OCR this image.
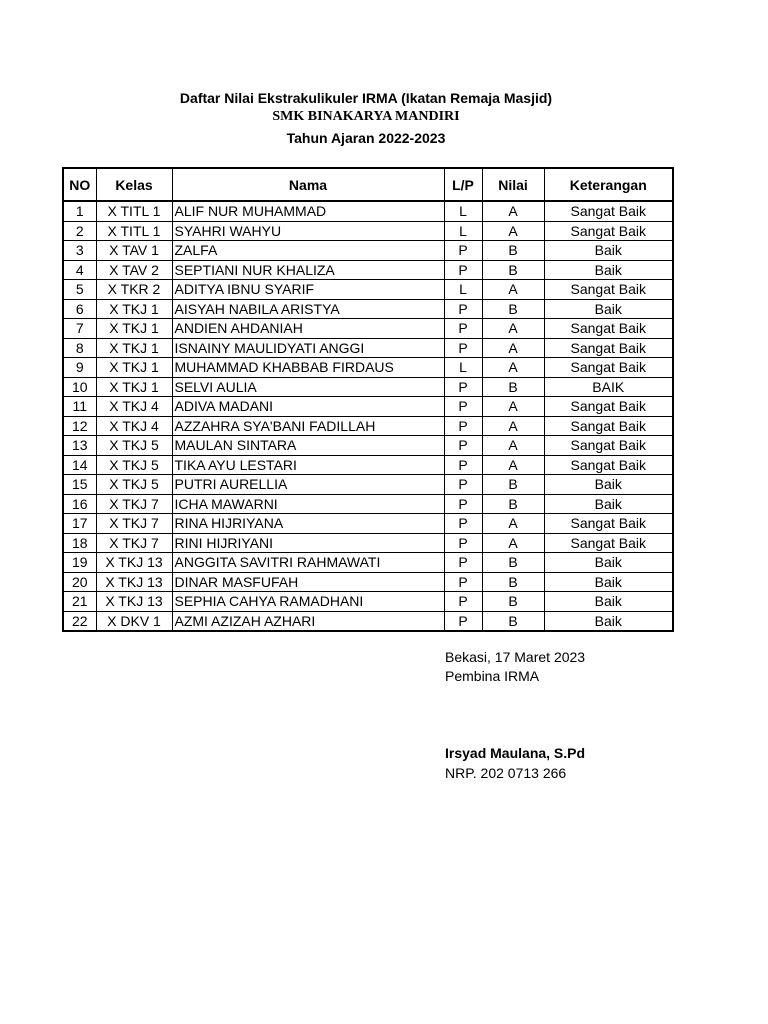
Daftar Nilai Ekstrakulikuler IRMA (Ikatan Remaja Masjid)
SMK BINAKARYA MANDIRI
Tahun Ajaran 2022-2023
NO	Kelas	Nama	L/P	Nilai	Keterangan
1	X TITL 1	ALIF NUR MUHAMMAD	L	A	Sangat Baik
2	X TITL 1	SYAHRI WAHYU	L	A	Sangat Baik
3	X TAV 1	ZALFA	P	B	Baik
4	X TAV 2	SEPTIANI NUR KHALIZA	P	B	Baik
5	X TKR 2	ADITYA IBNU SYARIF	L	A	Sangat Baik
6	X TKJ 1	AISYAH NABILA ARISTYA	P	B	Baik
7	X TKJ 1	ANDIEN AHDANIAH	P	A	Sangat Baik
8	X TKJ 1	ISNAINY MAULIDYATI ANGGI	P	A	Sangat Baik
9	X TKJ 1	MUHAMMAD KHABBAB FIRDAUS	L	A	Sangat Baik
10	X TKJ 1	SELVI AULIA	P	B	BAIK
11	X TKJ 4	ADIVA MADANI	P	A	Sangat Baik
12	X TKJ 4	AZZAHRA SYA'BANI FADILLAH	P	A	Sangat Baik
13	X TKJ 5	MAULAN SINTARA	P	A	Sangat Baik
14	X TKJ 5	TIKA AYU LESTARI	P	A	Sangat Baik
15	X TKJ 5	PUTRI AURELLIA	P	B	Baik
16	X TKJ 7	ICHA MAWARNI	P	B	Baik
17	X TKJ 7	RINA HIJRIYANA	P	A	Sangat Baik
18	X TKJ 7	RINI HIJRIYANI	P	A	Sangat Baik
19	X TKJ 13	ANGGITA SAVITRI RAHMAWATI	P	B	Baik
20	X TKJ 13	DINAR MASFUFAH	P	B	Baik
21	X TKJ 13	SEPHIA CAHYA RAMADHANI	P	B	Baik
22	X DKV 1	AZMI AZIZAH AZHARI	P	B	Baik
Bekasi, 17 Maret 2023
Pembina IRMA
Irsyad Maulana, S.Pd
NRP. 202 0713 266
